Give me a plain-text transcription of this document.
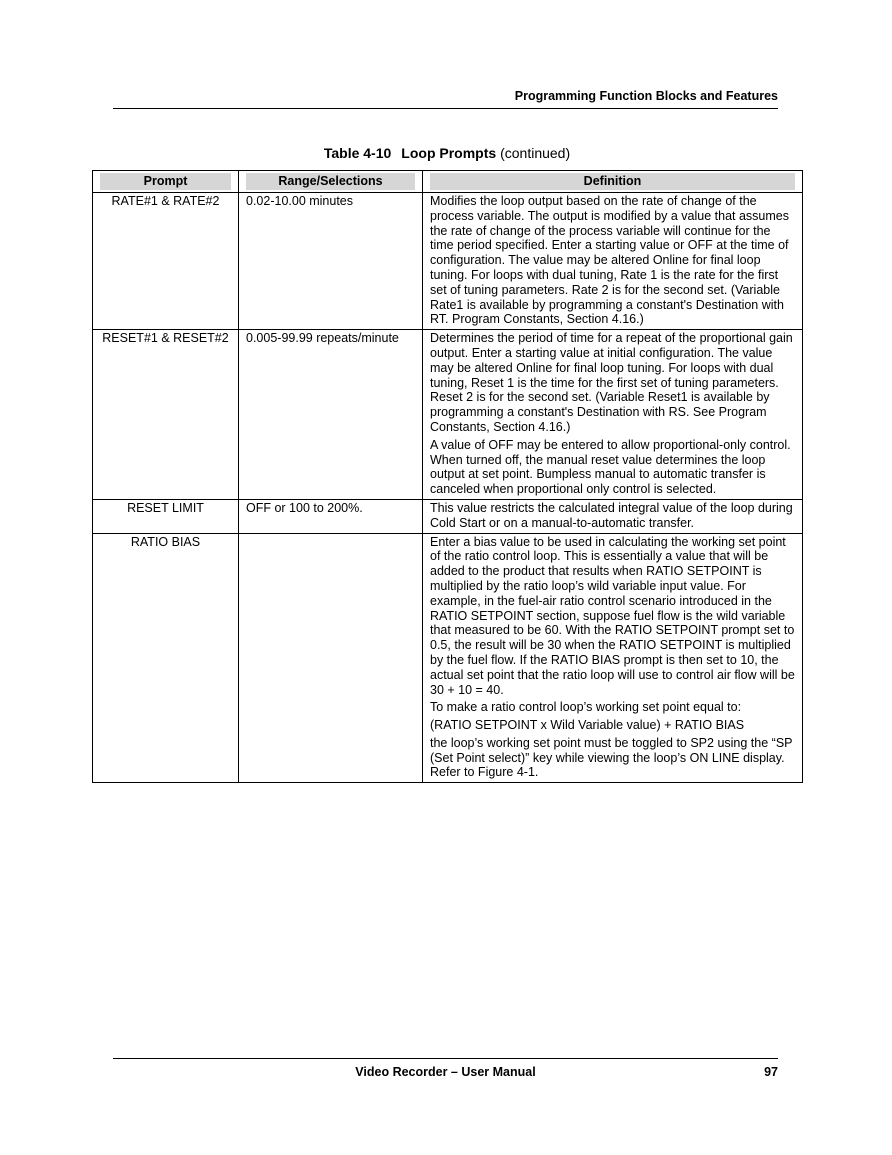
Programming Function Blocks and Features
Table 4-10 Loop Prompts (continued)
Prompt	Range/Selections	Definition

RATE#1 & RATE#2	0.02-10.00 minutes	Modifies the loop output based on the rate of change of the process variable. The output is modified by a value that assumes the rate of change of the process variable will continue for the time period specified. Enter a starting value or OFF at the time of configuration. The value may be altered Online for final loop tuning. For loops with dual tuning, Rate 1 is the rate for the first set of tuning parameters. Rate 2 is for the second set. (Variable Rate1 is available by programming a constant's Destination with RT. Program Constants, Section 4.16.)

RESET#1 & RESET#2	0.005-99.99 repeats/minute	Determines the period of time for a repeat of the proportional gain output. Enter a starting value at initial configuration. The value may be altered Online for final loop tuning. For loops with dual tuning, Reset 1 is the time for the first set of tuning parameters. Reset 2 is for the second set. (Variable Reset1 is available by programming a constant's Destination with RS. See Program Constants, Section 4.16.)

A value of OFF may be entered to allow proportional-only control. When turned off, the manual reset value determines the loop output at set point. Bumpless manual to automatic transfer is canceled when proportional only control is selected.

RESET LIMIT	OFF or 100 to 200%.	This value restricts the calculated integral value of the loop during Cold Start or on a manual-to-automatic transfer.

RATIO BIAS		Enter a bias value to be used in calculating the working set point of the ratio control loop. This is essentially a value that will be added to the product that results when RATIO SETPOINT is multiplied by the ratio loop’s wild variable input value. For example, in the fuel-air ratio control scenario introduced in the RATIO SETPOINT section, suppose fuel flow is the wild variable that measured to be 60. With the RATIO SETPOINT prompt set to 0.5, the result will be 30 when the RATIO SETPOINT is multiplied by the fuel flow. If the RATIO BIAS prompt is then set to 10, the actual set point that the ratio loop will use to control air flow will be 30 + 10 = 40.

To make a ratio control loop’s working set point equal to:

(RATIO SETPOINT x Wild Variable value) + RATIO BIAS

the loop’s working set point must be toggled to SP2 using the “SP (Set Point select)” key while viewing the loop’s ON LINE display. Refer to Figure 4-1.

Video Recorder – User Manual	97
